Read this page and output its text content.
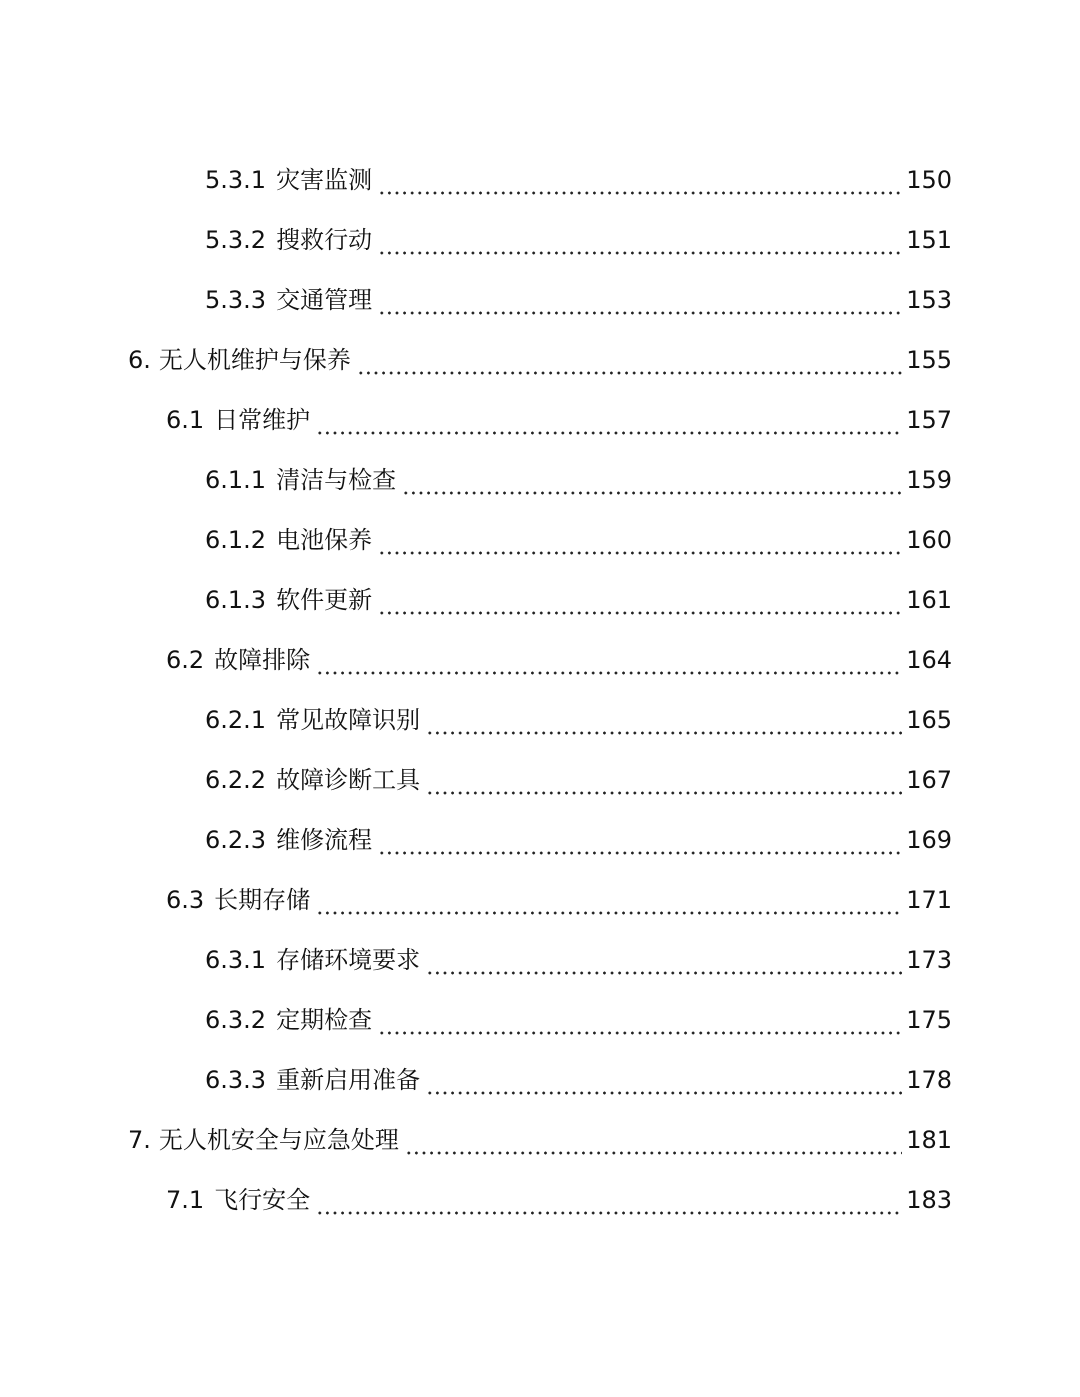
5.3.1 灾害监测	150
5.3.2 搜救行动	151
5.3.3 交通管理	153
6. 无人机维护与保养	155
6.1 日常维护	157
6.1.1 清洁与检查	159
6.1.2 电池保养	160
6.1.3 软件更新	161
6.2 故障排除	164
6.2.1 常见故障识别	165
6.2.2 故障诊断工具	167
6.2.3 维修流程	169
6.3 长期存储	171
6.3.1 存储环境要求	173
6.3.2 定期检查	175
6.3.3 重新启用准备	178
7. 无人机安全与应急处理	181
7.1 飞行安全	183
